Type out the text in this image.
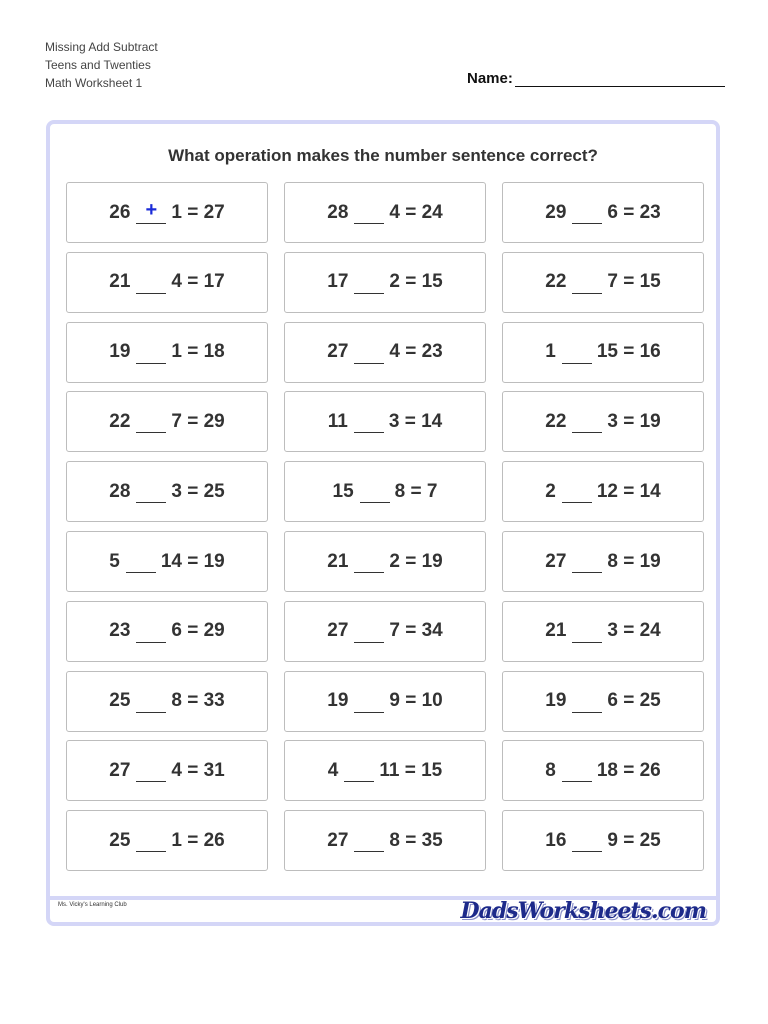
Missing Add Subtract
Teens and Twenties
Math Worksheet 1	Name:
What operation makes the number sentence correct?
26 + 1 = 27	28 4 = 24	29 6 = 23
21 4 = 17	17 2 = 15	22 7 = 15
19 1 = 18	27 4 = 23	1 15 = 16
22 7 = 29	11 3 = 14	22 3 = 19
28 3 = 25	15 8 = 7	2 12 = 14
5 14 = 19	21 2 = 19	27 8 = 19
23 6 = 29	27 7 = 34	21 3 = 24
25 8 = 33	19 9 = 10	19 6 = 25
27 4 = 31	4 11 = 15	8 18 = 26
25 1 = 26	27 8 = 35	16 9 = 25
Ms. Vicky's Learning Club	DadsWorksheets.com
